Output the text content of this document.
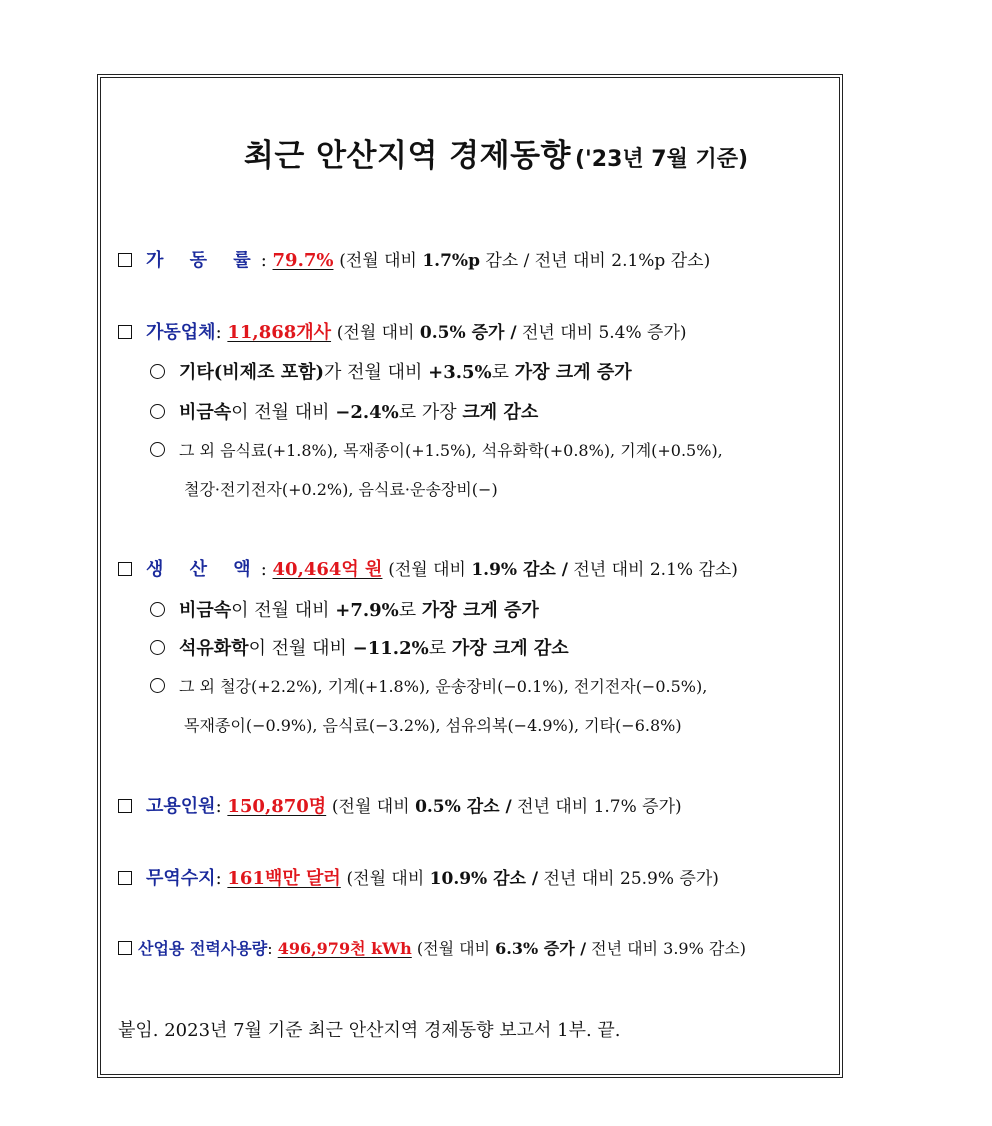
최근 안산지역 경제동향 ('23년 7월 기준)
가 동 률: 79.7% (전월 대비 1.7%p 감소 / 전년 대비 2.1%p 감소)
가동업체: 11,868개사 (전월 대비 0.5% 증가 / 전년 대비 5.4% 증가)
기타(비제조 포함)가 전월 대비 +3.5%로 가장 크게 증가
비금속이 전월 대비 −2.4%로 가장 크게 감소
그 외 음식료(+1.8%), 목재종이(+1.5%), 석유화학(+0.8%), 기계(+0.5%),
철강·전기전자(+0.2%), 음식료·운송장비(−)
생 산 액: 40,464억 원 (전월 대비 1.9% 감소 / 전년 대비 2.1% 감소)
비금속이 전월 대비 +7.9%로 가장 크게 증가
석유화학이 전월 대비 −11.2%로 가장 크게 감소
그 외 철강(+2.2%), 기계(+1.8%), 운송장비(−0.1%), 전기전자(−0.5%),
목재종이(−0.9%), 음식료(−3.2%), 섬유의복(−4.9%), 기타(−6.8%)
고용인원: 150,870명 (전월 대비 0.5% 감소 / 전년 대비 1.7% 증가)
무역수지: 161백만 달러 (전월 대비 10.9% 감소 / 전년 대비 25.9% 증가)
산업용 전력사용량: 496,979천 kWh (전월 대비 6.3% 증가 / 전년 대비 3.9% 감소)
붙임. 2023년 7월 기준 최근 안산지역 경제동향 보고서 1부. 끝.
